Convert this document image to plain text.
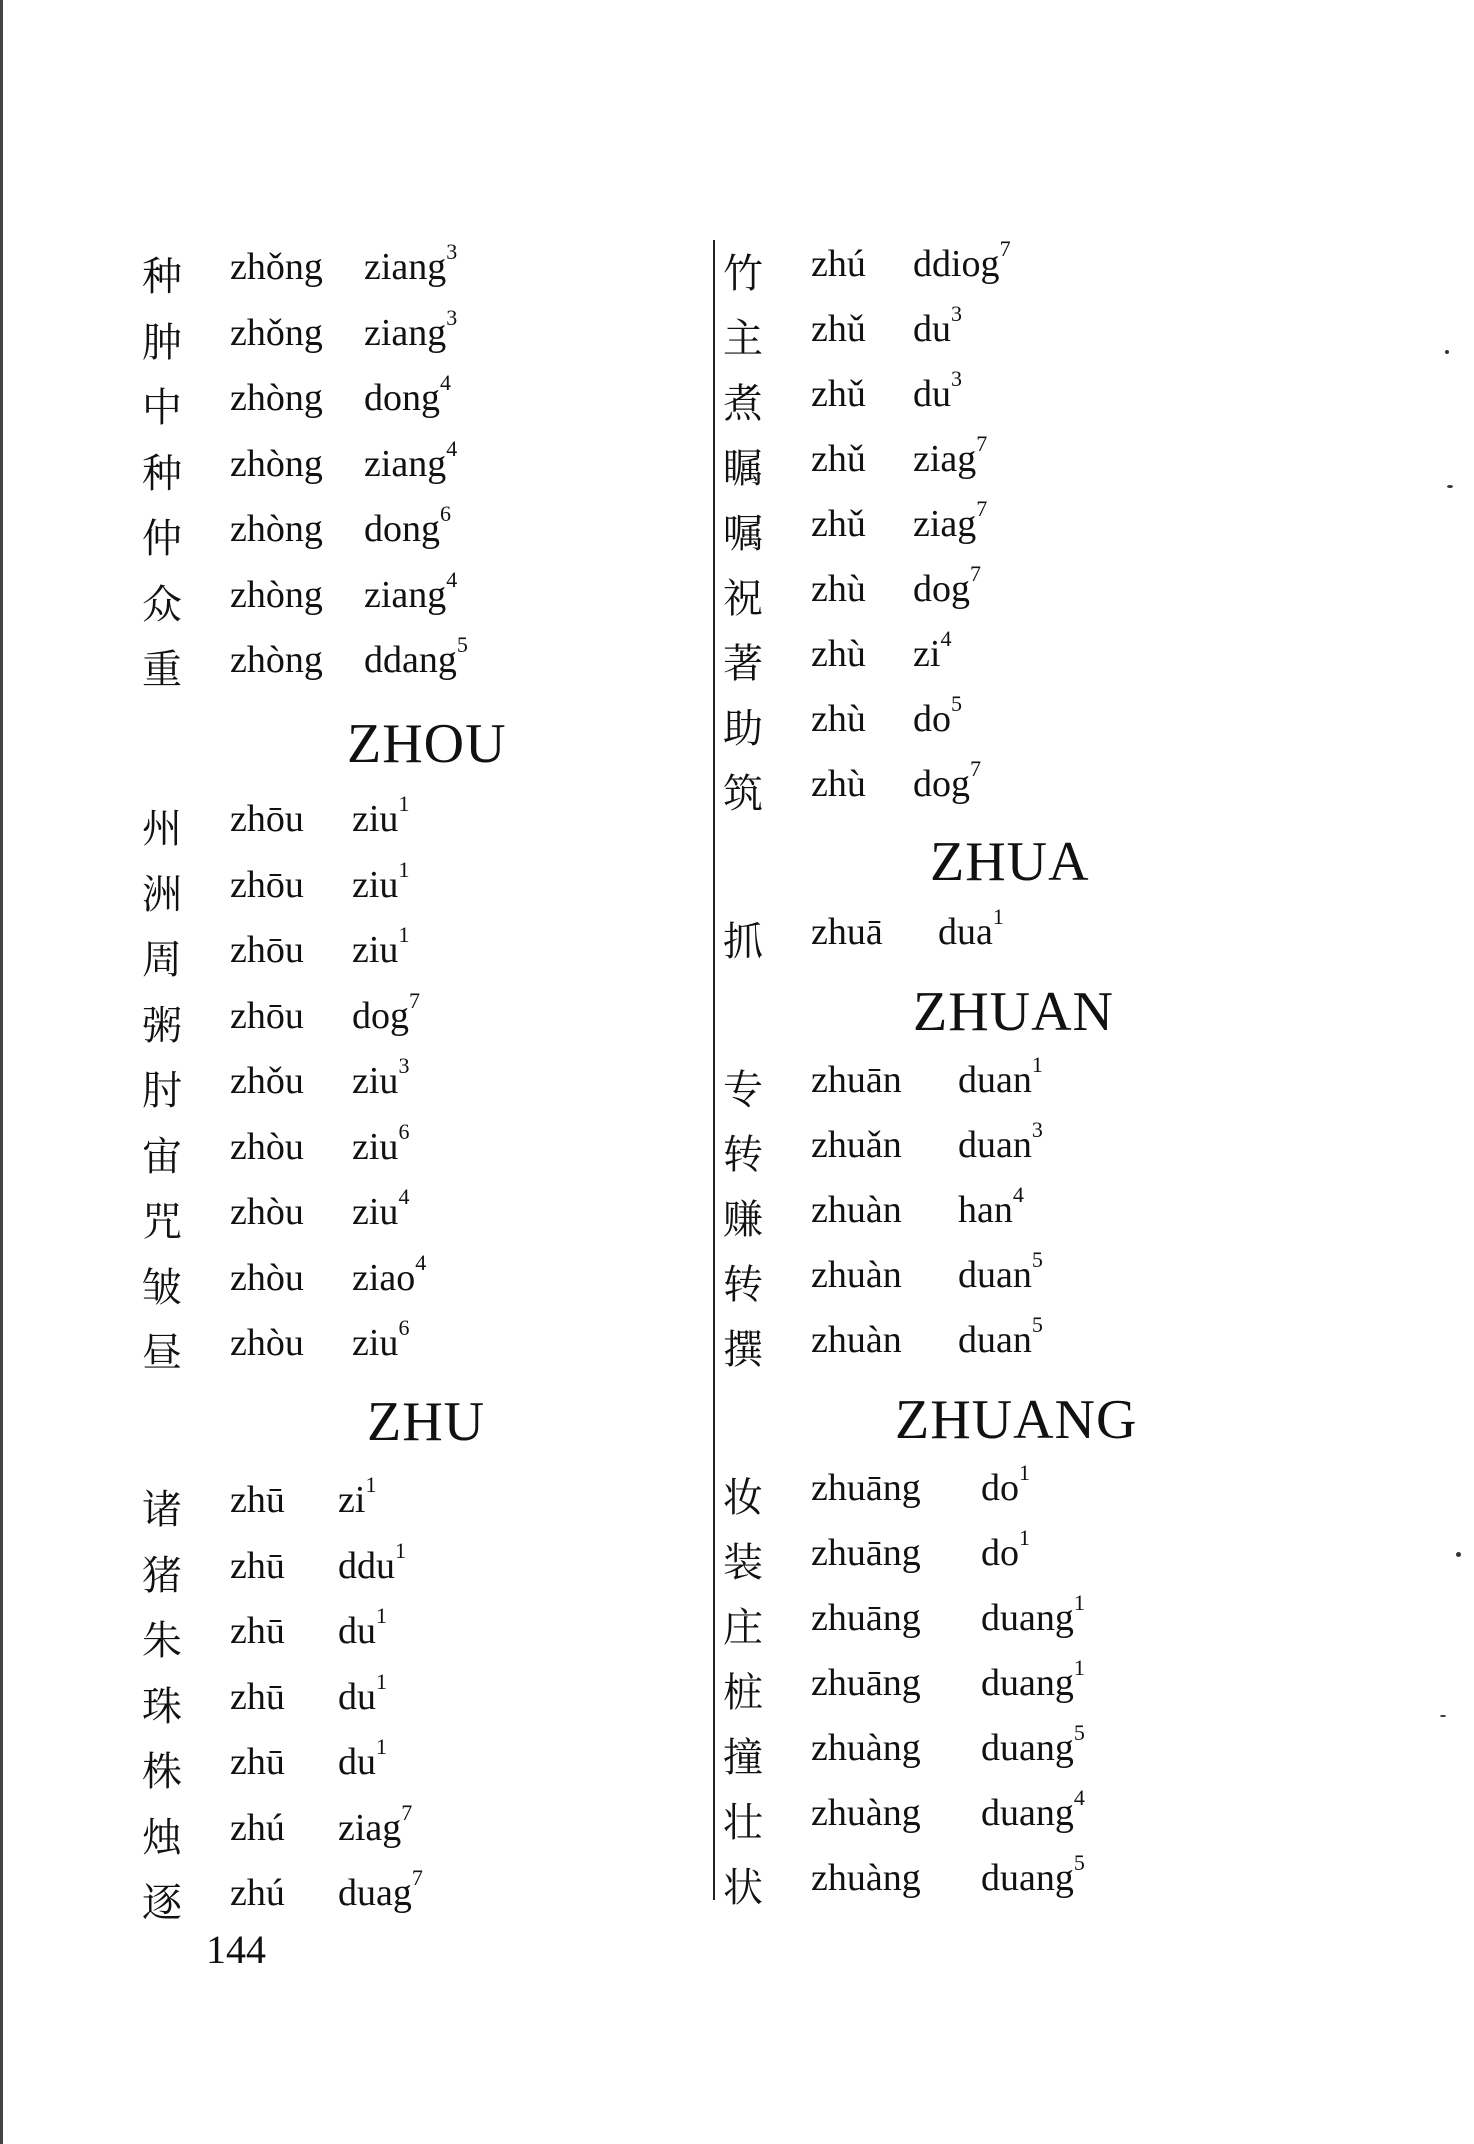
ZHOU
ZHU
种 zhǒng ziang$^3$
肿 zhǒng ziang$^3$
中 zhòng dong$^4$
种 zhòng ziang$^4$
仲 zhòng dong$^6$
众 zhòng ziang$^4$
重 zhòng ddang$^5$
州 zhōu ziu$^1$
洲 zhōu ziu$^1$
周 zhōu ziu$^1$
粥 zhōu dog$^7$
肘 zhǒu ziu$^3$
宙 zhòu ziu$^6$
咒 zhòu ziu$^4$
皱 zhòu ziao$^4$
昼 zhòu ziu$^6$
诸 zhū $zi^1$
猪 zhū ddu$^1$
朱 zhū $du^1$
珠 zhū $du^1$
株 zhū $du^1$
烛 zhú ziag$^7$
逐 zhú duag$^7$
ZHUA
ZHUAN
ZHUANG
竹 zhú ddiog$^7$
主 zhǔ $du^3$
煮 zhǔ $du^3$
瞩 zhǔ ziag$^7$
嘱 zhǔ ziag$^7$
祝 zhù dog$^7$
著 zhù $zi^4$
助 zhù $do^5$
筑 zhù dog$^7$
抓 zhuā dua$^1$
专 zhuān duan$^1$
转 zhuǎn duan$^3$
赚 zhuàn han$^4$
转 zhuàn duan$^5$
撰 zhuàn duan$^5$
妆 zhuāng $do^1$
装 zhuāng $do^1$
庄 zhuāng duang$^1$
桩 zhuāng duang$^1$
撞 zhuàng duang$^5$
壮 zhuàng duang$^4$
状 zhuàng duang$^5$
144
